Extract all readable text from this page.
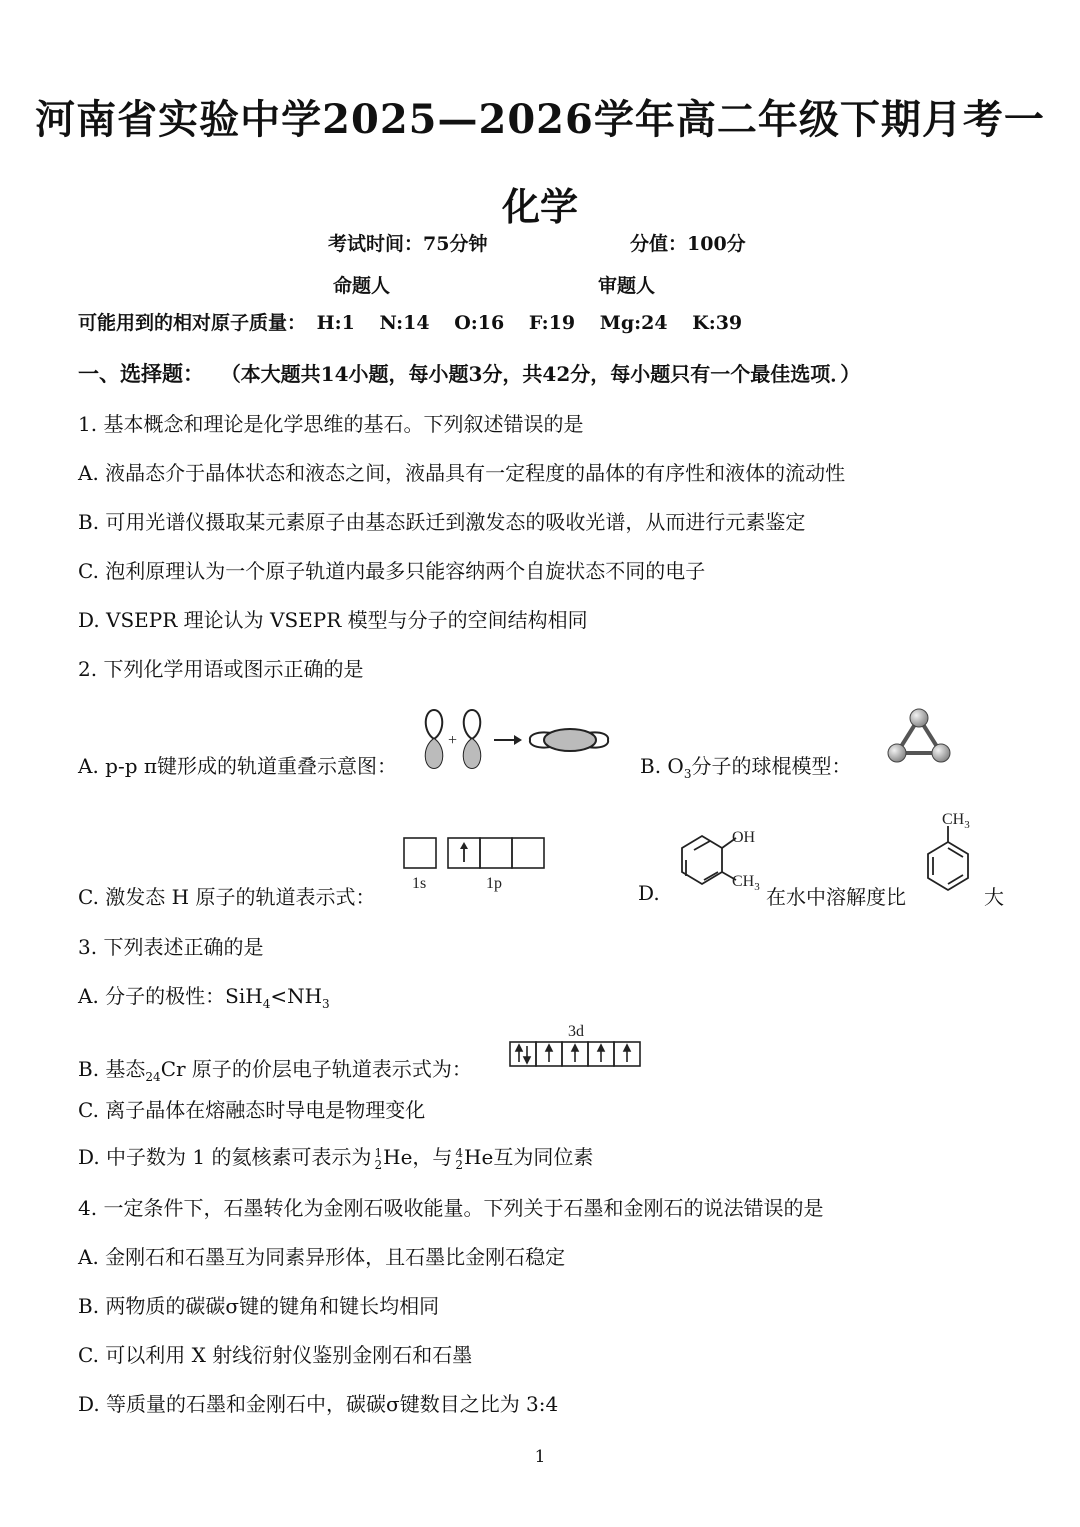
河南省实验中学2025—2026学年高二年级下期月考一
化学
考试时间：75分钟	分值：100分
命题人	审题人
可能用到的相对原子质量： H:1 N:14 O:16 F:19 Mg:24 K:39
一、选择题： （本大题共14小题，每小题3分，共42分，每小题只有一个最佳选项．）
1. 基本概念和理论是化学思维的基石。下列叙述错误的是
A. 液晶态介于晶体状态和液态之间，液晶具有一定程度的晶体的有序性和液体的流动性
B. 可用光谱仪摄取某元素原子由基态跃迁到激发态的吸收光谱，从而进行元素鉴定
C. 泡利原理认为一个原子轨道内最多只能容纳两个自旋状态不同的电子
D. VSEPR 理论认为 VSEPR 模型与分子的空间结构相同
2. 下列化学用语或图示正确的是
A. p-p π键形成的轨道重叠示意图：
+
B. $O_3$分子的球棍模型：
C. 激发态 H 原子的轨道表示式：
1s	1p	D.
OH
$CH_3$ 在水中溶解度比
$CH_3$
大
3. 下列表述正确的是
A. 分子的极性：$SiH_4<NH_3$
B. 基态$_{24}$Cr 原子的价层电子轨道表示式为：
3d
C. 离子晶体在熔融态时导电是物理变化
D. 中子数为 1 的氦核素可表示为 1
2 He，与 4
2 He互为同位素
4. 一定条件下，石墨转化为金刚石吸收能量。下列关于石墨和金刚石的说法错误的是
A. 金刚石和石墨互为同素异形体，且石墨比金刚石稳定
B. 两物质的碳碳σ键的键角和键长均相同
C. 可以利用 X 射线衍射仪鉴别金刚石和石墨
D. 等质量的石墨和金刚石中，碳碳σ键数目之比为 3:4
1
